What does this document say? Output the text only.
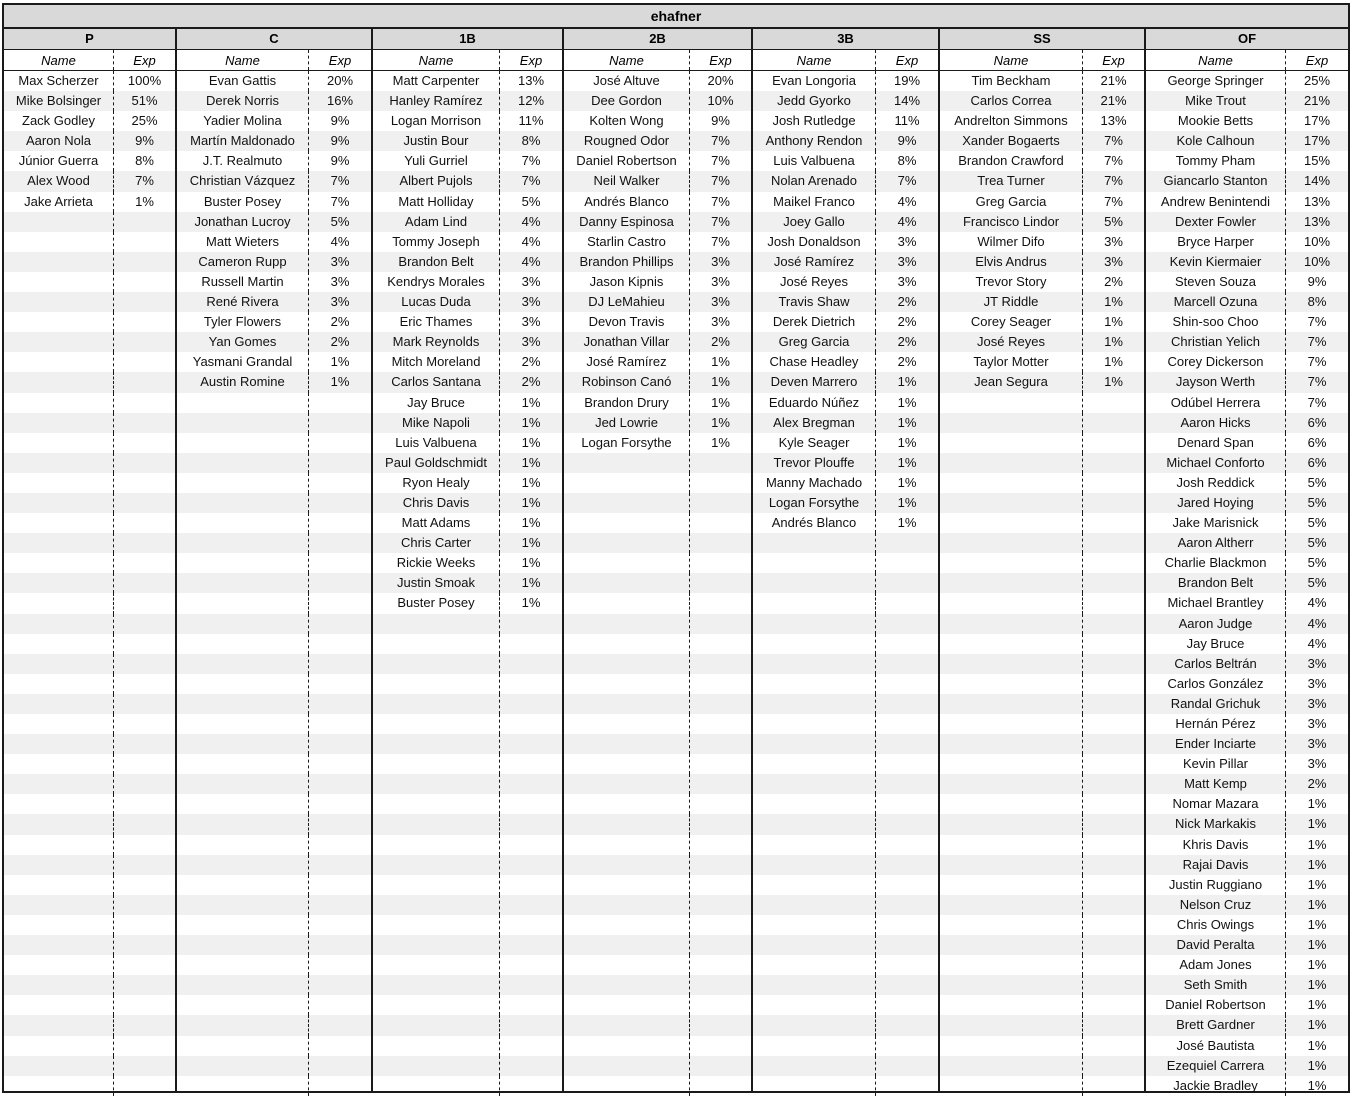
ehafner
P
Name	Exp
Max Scherzer	100%
Mike Bolsinger	51%
Zack Godley	25%
Aaron Nola	9%
Júnior Guerra	8%
Alex Wood	7%
Jake Arrieta	1%
C
Name	Exp
Evan Gattis	20%
Derek Norris	16%
Yadier Molina	9%
Martín Maldonado	9%
J.T. Realmuto	9%
Christian Vázquez	7%
Buster Posey	7%
Jonathan Lucroy	5%
Matt Wieters	4%
Cameron Rupp	3%
Russell Martin	3%
René Rivera	3%
Tyler Flowers	2%
Yan Gomes	2%
Yasmani Grandal	1%
Austin Romine	1%
1B
Name	Exp
Matt Carpenter	13%
Hanley Ramírez	12%
Logan Morrison	11%
Justin Bour	8%
Yuli Gurriel	7%
Albert Pujols	7%
Matt Holliday	5%
Adam Lind	4%
Tommy Joseph	4%
Brandon Belt	4%
Kendrys Morales	3%
Lucas Duda	3%
Eric Thames	3%
Mark Reynolds	3%
Mitch Moreland	2%
Carlos Santana	2%
Jay Bruce	1%
Mike Napoli	1%
Luis Valbuena	1%
Paul Goldschmidt	1%
Ryon Healy	1%
Chris Davis	1%
Matt Adams	1%
Chris Carter	1%
Rickie Weeks	1%
Justin Smoak	1%
Buster Posey	1%
2B
Name	Exp
José Altuve	20%
Dee Gordon	10%
Kolten Wong	9%
Rougned Odor	7%
Daniel Robertson	7%
Neil Walker	7%
Andrés Blanco	7%
Danny Espinosa	7%
Starlin Castro	7%
Brandon Phillips	3%
Jason Kipnis	3%
DJ LeMahieu	3%
Devon Travis	3%
Jonathan Villar	2%
José Ramírez	1%
Robinson Canó	1%
Brandon Drury	1%
Jed Lowrie	1%
Logan Forsythe	1%
3B
Name	Exp
Evan Longoria	19%
Jedd Gyorko	14%
Josh Rutledge	11%
Anthony Rendon	9%
Luis Valbuena	8%
Nolan Arenado	7%
Maikel Franco	4%
Joey Gallo	4%
Josh Donaldson	3%
José Ramírez	3%
José Reyes	3%
Travis Shaw	2%
Derek Dietrich	2%
Greg Garcia	2%
Chase Headley	2%
Deven Marrero	1%
Eduardo Núñez	1%
Alex Bregman	1%
Kyle Seager	1%
Trevor Plouffe	1%
Manny Machado	1%
Logan Forsythe	1%
Andrés Blanco	1%
SS
Name	Exp
Tim Beckham	21%
Carlos Correa	21%
Andrelton Simmons	13%
Xander Bogaerts	7%
Brandon Crawford	7%
Trea Turner	7%
Greg Garcia	7%
Francisco Lindor	5%
Wilmer Difo	3%
Elvis Andrus	3%
Trevor Story	2%
JT Riddle	1%
Corey Seager	1%
José Reyes	1%
Taylor Motter	1%
Jean Segura	1%
OF
Name	Exp
George Springer	25%
Mike Trout	21%
Mookie Betts	17%
Kole Calhoun	17%
Tommy Pham	15%
Giancarlo Stanton	14%
Andrew Benintendi	13%
Dexter Fowler	13%
Bryce Harper	10%
Kevin Kiermaier	10%
Steven Souza	9%
Marcell Ozuna	8%
Shin-soo Choo	7%
Christian Yelich	7%
Corey Dickerson	7%
Jayson Werth	7%
Odúbel Herrera	7%
Aaron Hicks	6%
Denard Span	6%
Michael Conforto	6%
Josh Reddick	5%
Jared Hoying	5%
Jake Marisnick	5%
Aaron Altherr	5%
Charlie Blackmon	5%
Brandon Belt	5%
Michael Brantley	4%
Aaron Judge	4%
Jay Bruce	4%
Carlos Beltrán	3%
Carlos González	3%
Randal Grichuk	3%
Hernán Pérez	3%
Ender Inciarte	3%
Kevin Pillar	3%
Matt Kemp	2%
Nomar Mazara	1%
Nick Markakis	1%
Khris Davis	1%
Rajai Davis	1%
Justin Ruggiano	1%
Nelson Cruz	1%
Chris Owings	1%
David Peralta	1%
Adam Jones	1%
Seth Smith	1%
Daniel Robertson	1%
Brett Gardner	1%
José Bautista	1%
Ezequiel Carrera	1%
Jackie Bradley	1%
